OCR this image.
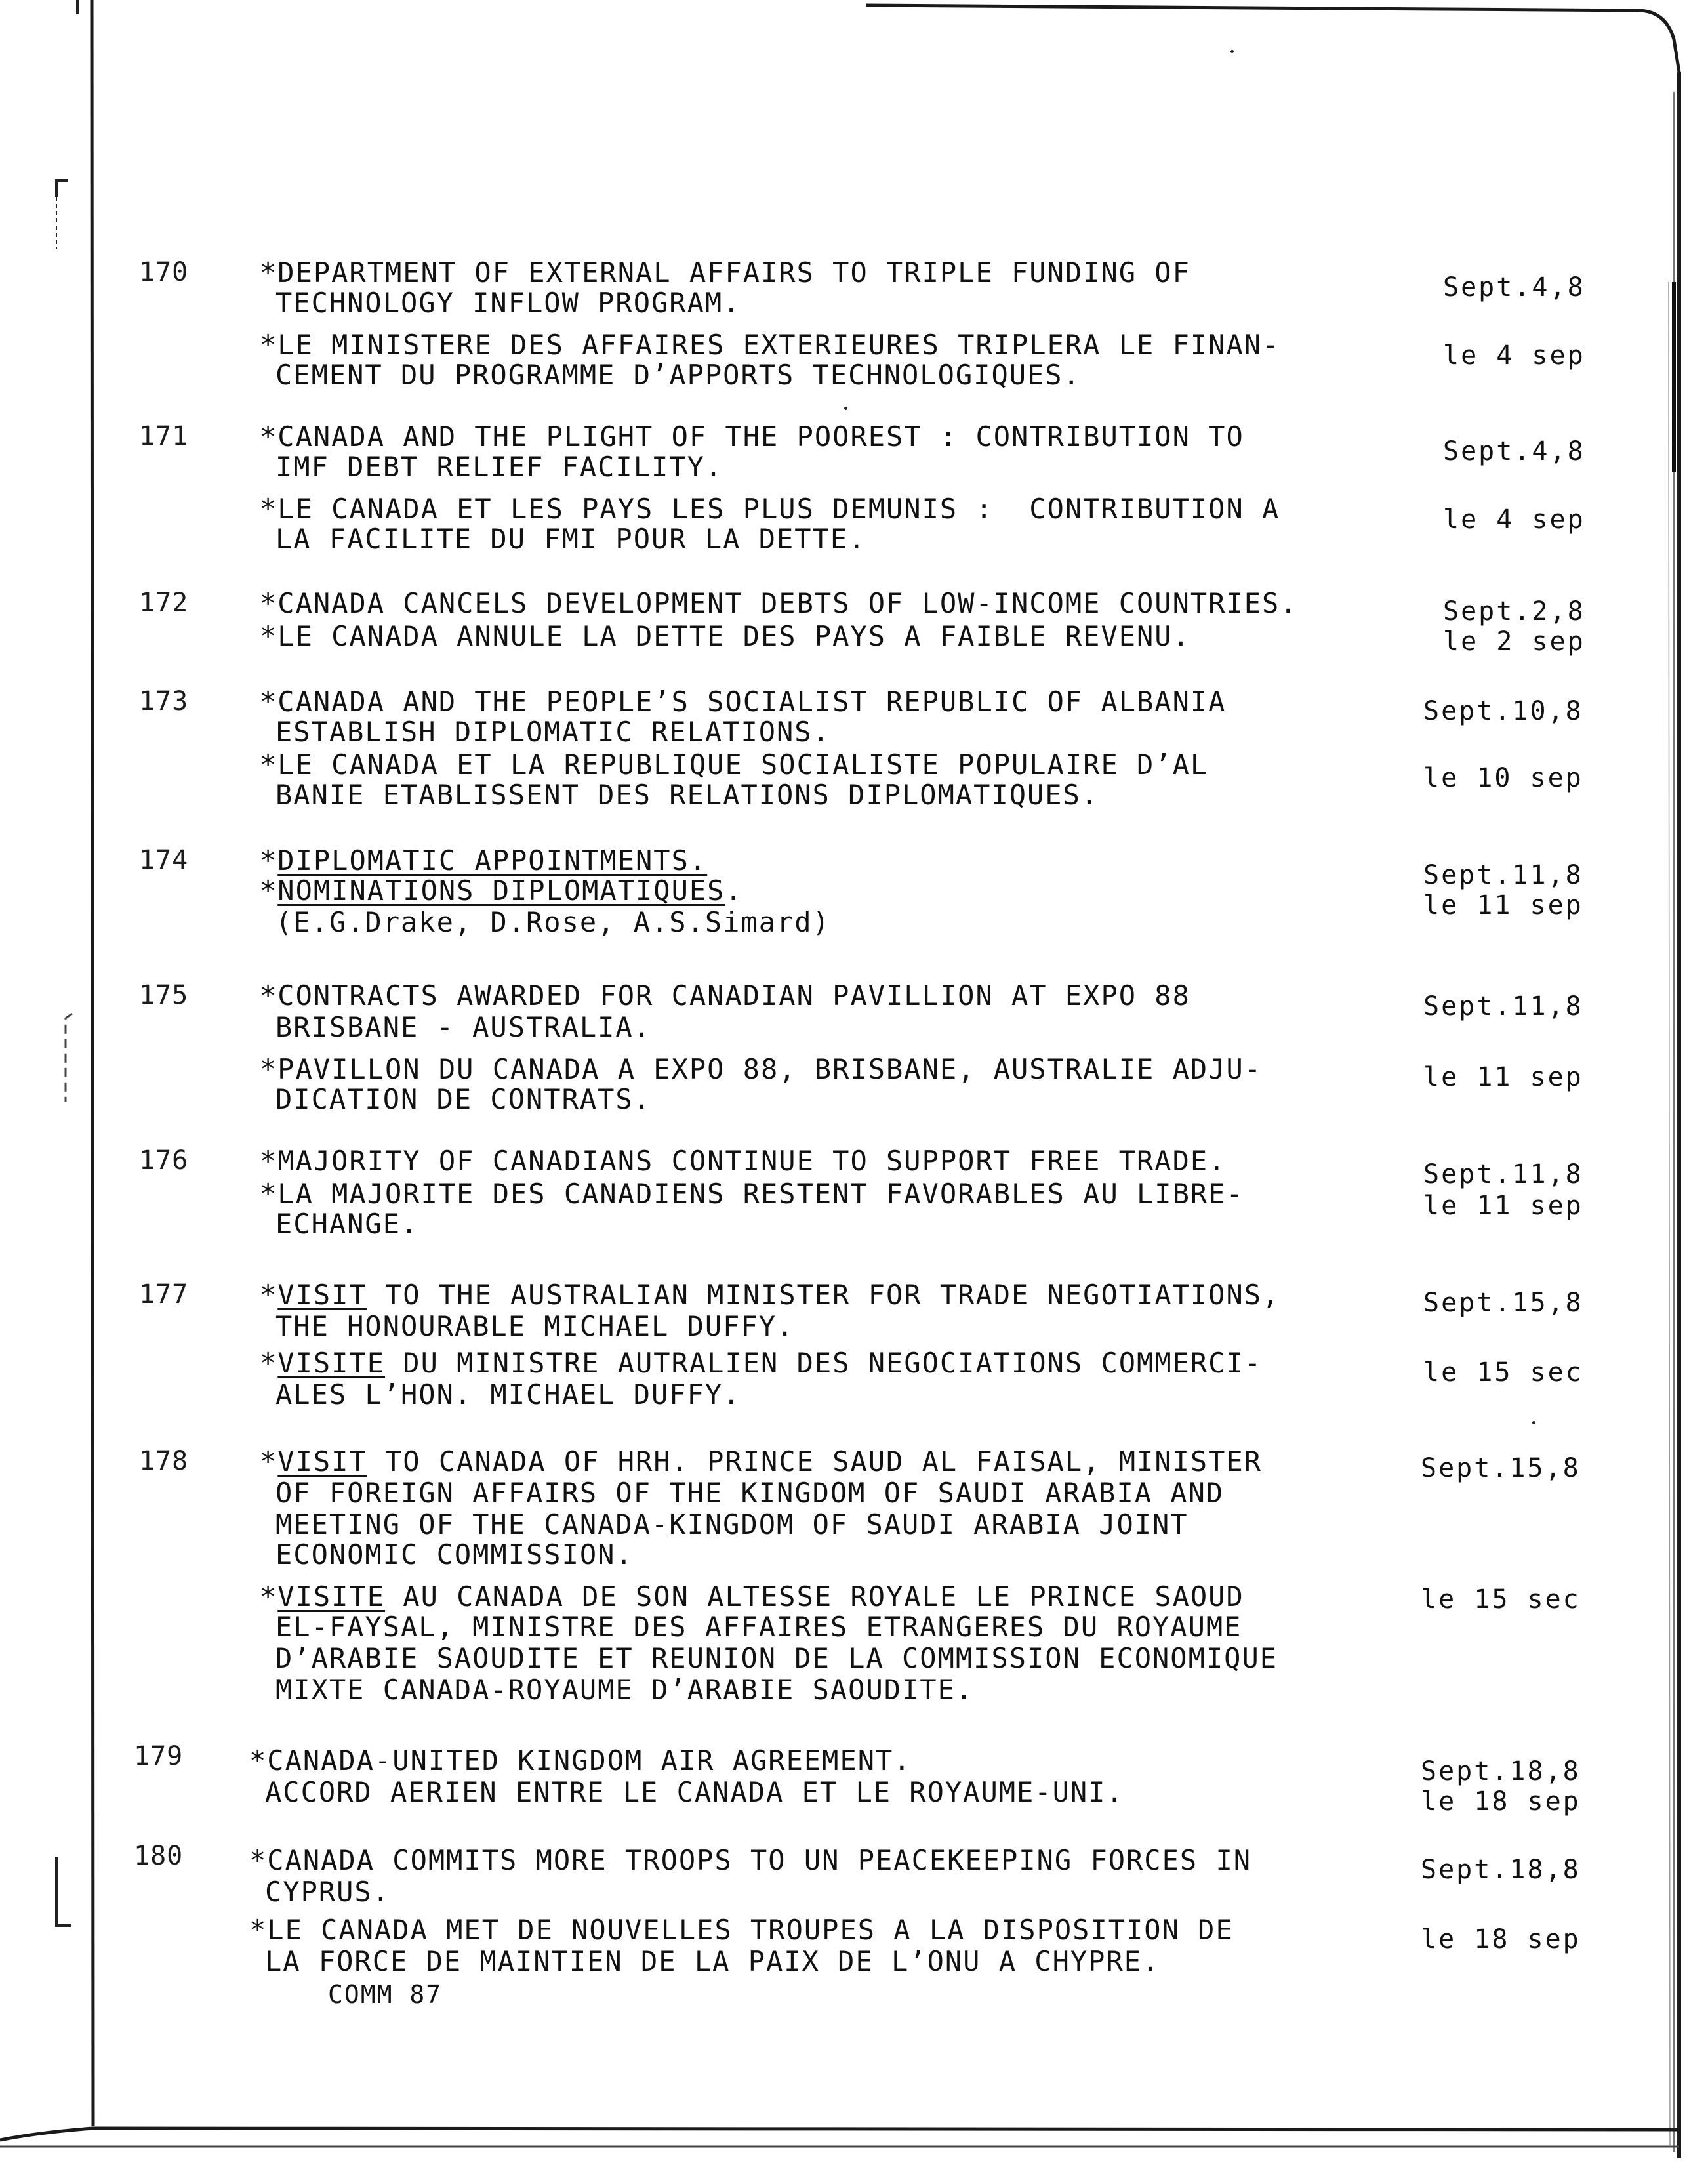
170	*DEPARTMENT OF EXTERNAL AFFAIRS TO TRIPLE FUNDING OF
TECHNOLOGY INFLOW PROGRAM.
*LE MINISTERE DES AFFAIRES EXTERIEURES TRIPLERA LE FINAN-
CEMENT DU PROGRAMME D’APPORTS TECHNOLOGIQUES.
Sept.4,8
le 4 sep
171	*CANADA AND THE PLIGHT OF THE POOREST : CONTRIBUTION TO
IMF DEBT RELIEF FACILITY.
*LE CANADA ET LES PAYS LES PLUS DEMUNIS :  CONTRIBUTION A
LA FACILITE DU FMI POUR LA DETTE.
Sept.4,8
le 4 sep
172	*CANADA CANCELS DEVELOPMENT DEBTS OF LOW-INCOME COUNTRIES.
*LE CANADA ANNULE LA DETTE DES PAYS A FAIBLE REVENU.
Sept.2,8
le 2 sep
173	*CANADA AND THE PEOPLE’S SOCIALIST REPUBLIC OF ALBANIA
ESTABLISH DIPLOMATIC RELATIONS.
*LE CANADA ET LA REPUBLIQUE SOCIALISTE POPULAIRE D’AL
BANIE ETABLISSENT DES RELATIONS DIPLOMATIQUES.
Sept.10,8
le 10 sep
174	*DIPLOMATIC APPOINTMENTS.
*NOMINATIONS DIPLOMATIQUES.
(E.G.Drake, D.Rose, A.S.Simard)
Sept.11,8
le 11 sep
175	*CONTRACTS AWARDED FOR CANADIAN PAVILLION AT EXPO 88
BRISBANE - AUSTRALIA.
*PAVILLON DU CANADA A EXPO 88, BRISBANE, AUSTRALIE ADJU-
DICATION DE CONTRATS.
Sept.11,8
le 11 sep
176	*MAJORITY OF CANADIANS CONTINUE TO SUPPORT FREE TRADE.
*LA MAJORITE DES CANADIENS RESTENT FAVORABLES AU LIBRE-
ECHANGE.
Sept.11,8
le 11 sep
177	*VISIT TO THE AUSTRALIAN MINISTER FOR TRADE NEGOTIATIONS,
THE HONOURABLE MICHAEL DUFFY.
*VISITE DU MINISTRE AUTRALIEN DES NEGOCIATIONS COMMERCI-
ALES L’HON. MICHAEL DUFFY.
Sept.15,8
le 15 sec
178	*VISIT TO CANADA OF HRH. PRINCE SAUD AL FAISAL, MINISTER
OF FOREIGN AFFAIRS OF THE KINGDOM OF SAUDI ARABIA AND
MEETING OF THE CANADA-KINGDOM OF SAUDI ARABIA JOINT
ECONOMIC COMMISSION.
*VISITE AU CANADA DE SON ALTESSE ROYALE LE PRINCE SAOUD
EL-FAYSAL, MINISTRE DES AFFAIRES ETRANGERES DU ROYAUME
D’ARABIE SAOUDITE ET REUNION DE LA COMMISSION ECONOMIQUE
MIXTE CANADA-ROYAUME D’ARABIE SAOUDITE.
Sept.15,8
le 15 sec
179 *CANADA-UNITED KINGDOM AIR AGREEMENT.
ACCORD AERIEN ENTRE LE CANADA ET LE ROYAUME-UNI.
Sept.18,8
le 18 sep
180 *CANADA COMMITS MORE TROOPS TO UN PEACEKEEPING FORCES IN
CYPRUS.
*LE CANADA MET DE NOUVELLES TROUPES A LA DISPOSITION DE
LA FORCE DE MAINTIEN DE LA PAIX DE L’ONU A CHYPRE.
Sept.18,8
le 18 sep
COMM 87
